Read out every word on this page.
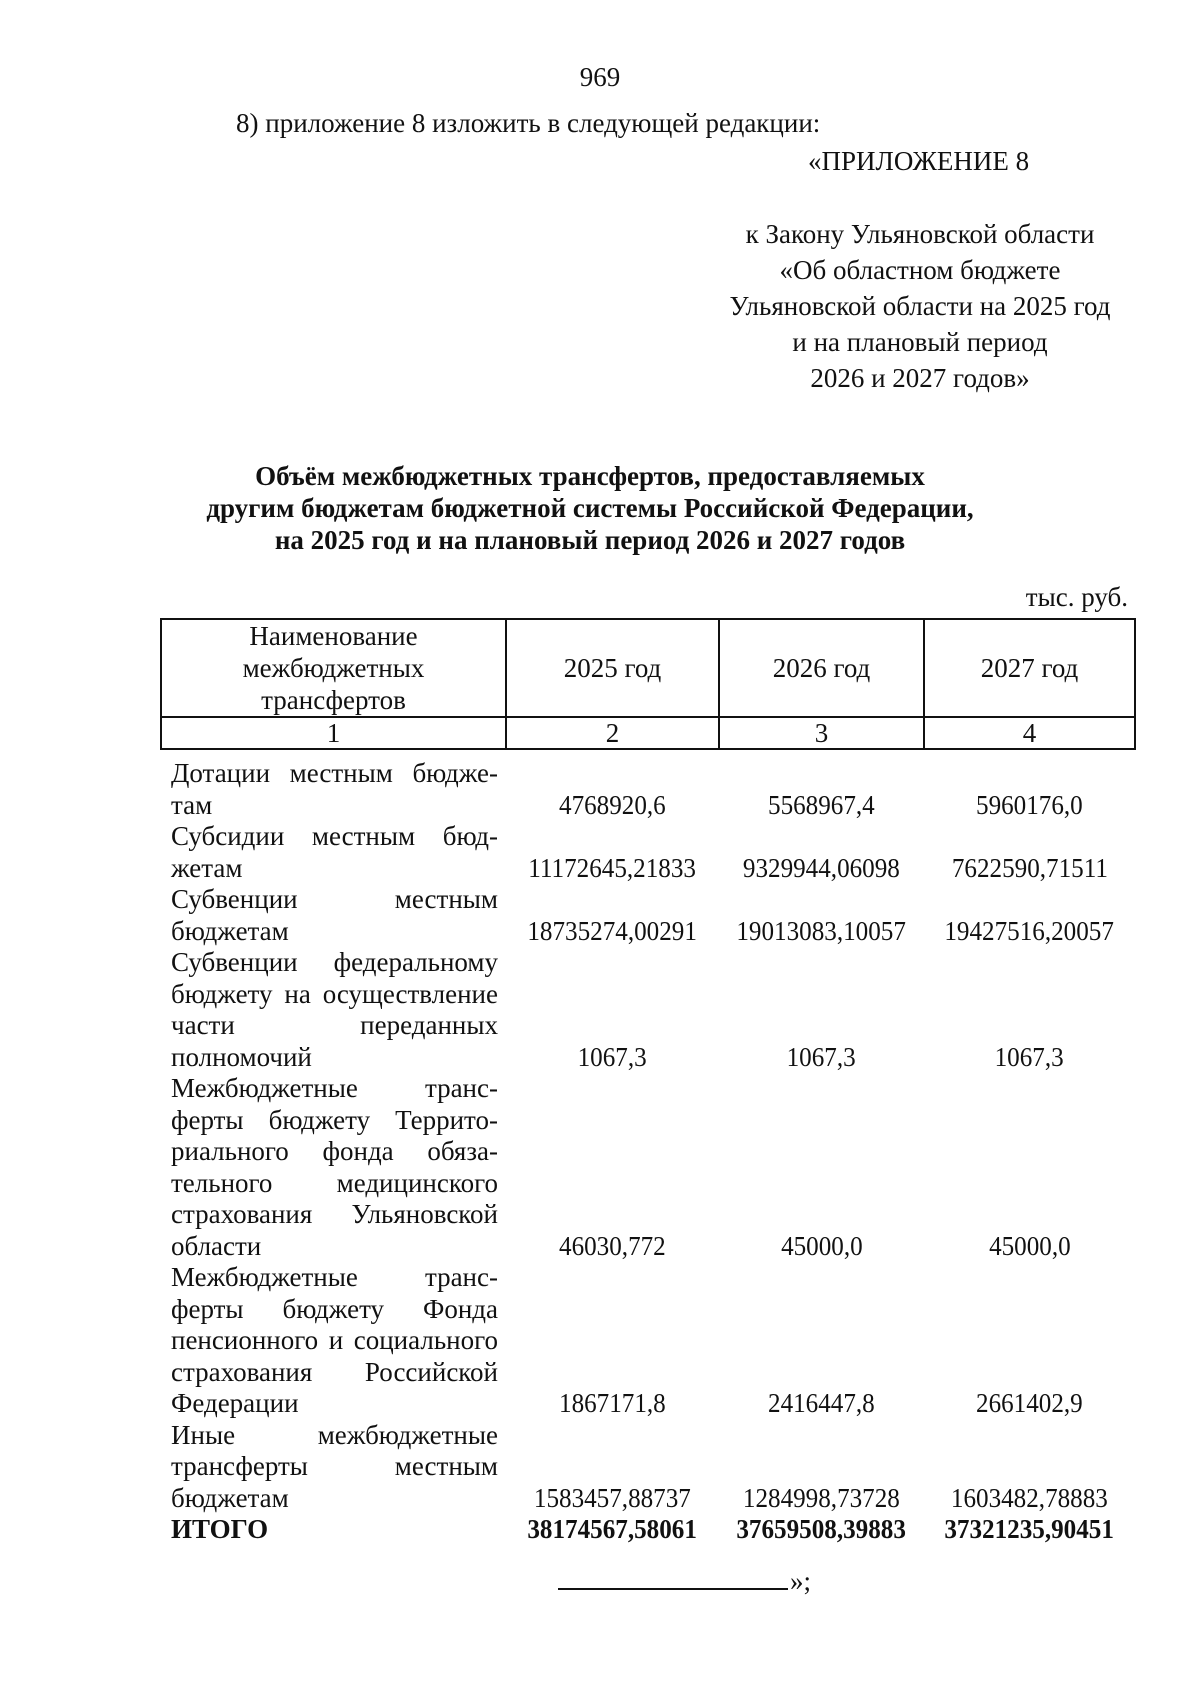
969
8) приложение 8 изложить в следующей редакции:
«ПРИЛОЖЕНИЕ 8
к Закону Ульяновской области
«Об областном бюджете
Ульяновской области на 2025 год
и на плановый период
2026 и 2027 годов»
Объём межбюджетных трансфертов, предоставляемых
другим бюджетам бюджетной системы Российской Федерации,
на 2025 год и на плановый период 2026 и 2027 годов
тыс. руб.
Наименование
межбюджетных
трансфертов	2025 год	2026 год	2027 год
1	2	3	4
Дотации местным бюджетам	4768920,6	5568967,4	5960176,0
Субсидии местным бюджетам	11172645,21833	9329944,06098	7622590,71511
Субвенции местным бюджетам	18735274,00291	19013083,10057	19427516,20057
Субвенции федеральному бюджету на осуществление части переданных полномочий	1067,3	1067,3	1067,3
Межбюджетные трансферты бюджету Территориального фонда обязательного медицинского страхования Ульяновской области	46030,772	45000,0	45000,0
Межбюджетные трансферты бюджету Фонда пенсионного и социального страхования Российской Федерации	1867171,8	2416447,8	2661402,9
Иные межбюджетные трансферты местным бюджетам	1583457,88737	1284998,73728	1603482,78883
ИТОГО	38174567,58061	37659508,39883	37321235,90451
»;
